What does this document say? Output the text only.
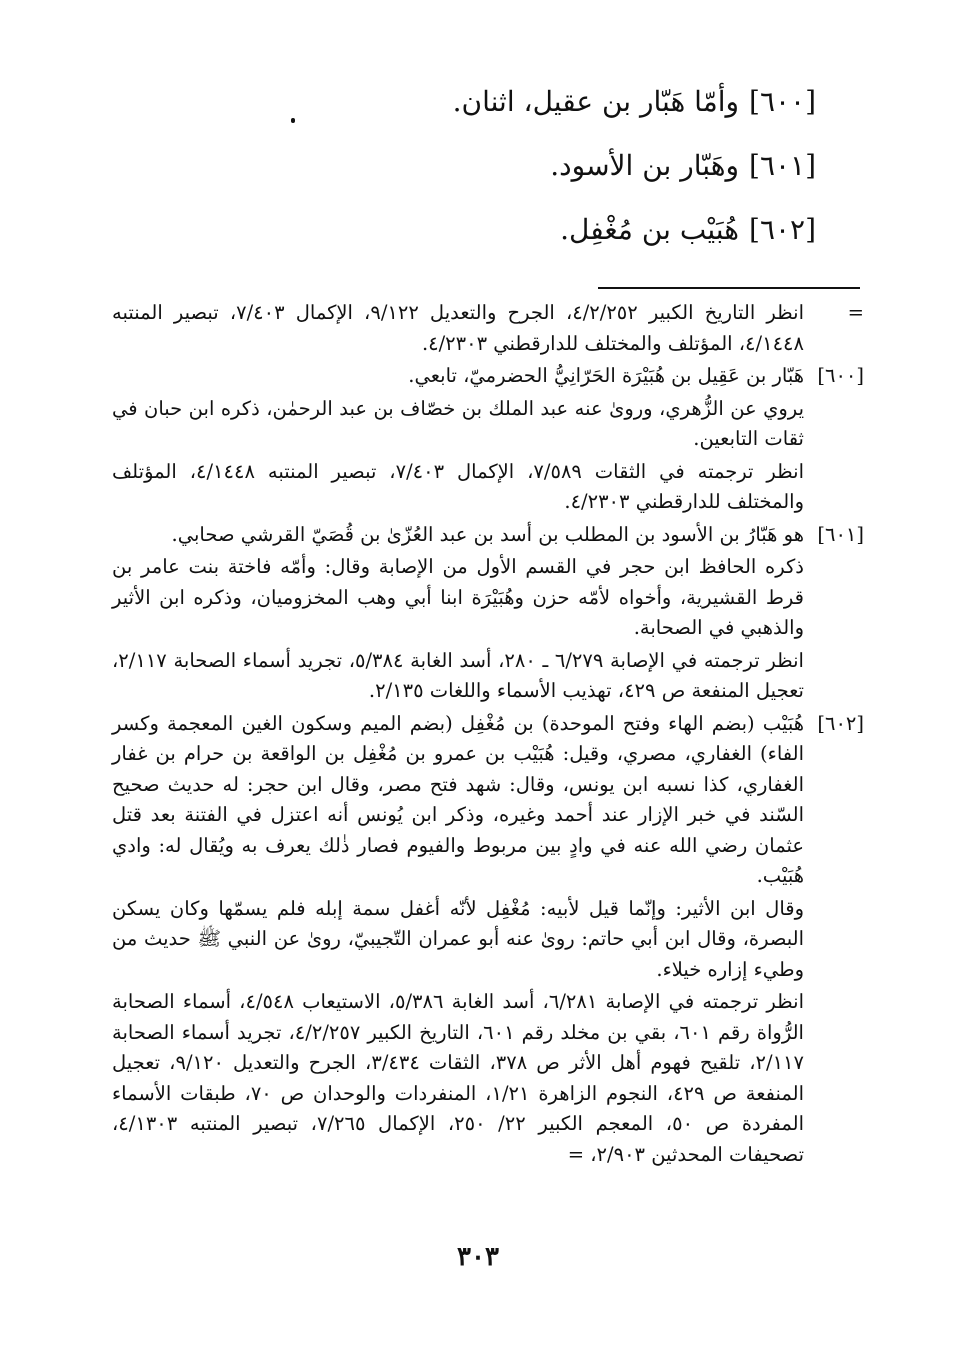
[٦٠٠]وأمّا هَبّار بن عقيل، اثنان.
[٦٠١]وهَبّار بن الأسود.
[٦٠٢]هُبَيْب بن مُغْفِل.
=

انظر التاريخ الكبير ٤/٢/٢٥٢، الجرح والتعديل ٩/١٢٢، الإكمال ٧/٤٠٣، تبصير المنتبه ٤/١٤٤٨، المؤتلف والمختلف للدارقطني ٤/٢٣٠٣.

[٦٠٠]

هَبّار بن عَقِيل بن هُبَيْرَة الحَرّانِيُّ الحضرميّ، تابعي.

يروي عن الزُّهري، وروىٰ عنه عبد الملك بن خصّاف بن عبد الرحمٰن، ذكره ابن حبان في ثقات التابعين.

انظر ترجمته في الثقات ٧/٥٨٩، الإكمال ٧/٤٠٣، تبصير المنتبه ٤/١٤٤٨، المؤتلف والمختلف للدارقطني ٤/٢٣٠٣.

[٦٠١]

هو هَبّارُ بن الأسود بن المطلب بن أسد بن عبد العُزّىٰ بن قُصَيّ القرشي صحابي.

ذكره الحافظ ابن حجر في القسم الأول من الإصابة وقال: وأمّه فاختة بنت عامر بن قرط القشيرية، وأخواه لأمّه حزن وهُبَيْرَة ابنا أبي وهب المخزوميان، وذكره ابن الأثير والذهبي في الصحابة.

انظر ترجمته في الإصابة ٦/٢٧٩ ـ ٢٨٠، أسد الغابة ٥/٣٨٤، تجريد أسماء الصحابة ٢/١١٧، تعجيل المنفعة ص ٤٢٩، تهذيب الأسماء واللغات ٢/١٣٥.

[٦٠٢]

هُبَيْب (بضم الهاء وفتح الموحدة) بن مُغْفِل (بضم الميم وسكون الغين المعجمة وكسر الفاء) الغفاري، مصري، وقيل: هُبَيْب بن عمرو بن مُغْفِل بن الواقعة بن حرام بن غفار الغفاري، كذا نسبه ابن يونس، وقال: شهد فتح مصر، وقال ابن حجر: له حديث صحيح السّند في خبر الإزار عند أحمد وغيره، وذكر ابن يُونس أنه اعتزل في الفتنة بعد قتل عثمان رضي الله عنه في وادٍ بين مربوط والفيوم فصار ذٰلك يعرف به ويُقال له: وادي هُبَيْب.

وقال ابن الأثير: وإنّما قيل لأبيه: مُغْفِل لأنّه أغفل سمة إبله فلم يسمّها وكان يسكن البصرة، وقال ابن أبي حاتم: روىٰ عنه أبو عمران التّجيبيّ، روىٰ عن النبي ﷺ حديث من وطيء إزاره خيلاء.

انظر ترجمته في الإصابة ٦/٢٨١، أسد الغابة ٥/٣٨٦، الاستيعاب ٤/٥٤٨، أسماء الصحابة الرُّواة رقم ٦٠١، بقي بن مخلد رقم ٦٠١، التاريخ الكبير ٤/٢/٢٥٧، تجريد أسماء الصحابة ٢/١١٧، تلقيح فهوم أهل الأثر ص ٣٧٨، الثقات ٣/٤٣٤، الجرح والتعديل ٩/١٢٠، تعجيل المنفعة ص ٤٢٩، النجوم الزاهرة ١/٢١، المنفردات والوحدان ص ٧٠، طبقات الأسماء المفردة ص ٥٠، المعجم الكبير ٢٢/ ٢٥٠، الإكمال ٧/٢٦٥، تبصير المنتبه ٤/١٣٠٣، تصحيفات المحدثين ٢/٩٠٣، =

٣٠٣
